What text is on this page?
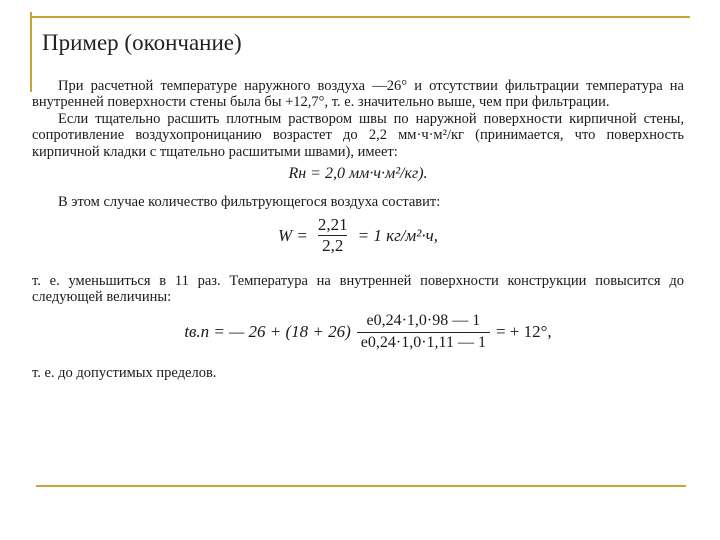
Пример (окончание)

При расчетной температуре наружного воздуха —26° и отсутствии фильтрации температура на внутренней поверхности стены была бы +12,7°, т. е. значительно выше, чем при фильтрации.

Если тщательно расшить плотным раствором швы по наружной поверхности кирпичной стены, сопротивление воздухопроницанию возрастет до 2,2 мм·ч·м²/кг (принимается, что поверхность кирпичной кладки с тщательно расшитыми швами), имеет:

Rн = 2,0 мм·ч·м²/кг).

В этом случае количество фильтрующегося воздуха составит:

$W = \frac{2,21}{2,2} = 1$ кг/м²·ч,

т. е. уменьшиться в 11 раз. Температура на внутренней поверхности конструкции повысится до следующей величины:

tв.п = — $26 + (18 + 26) \frac{e0,24\cdot 1,0\cdot 98 — 1}{e0,24\cdot 1,0\cdot 1,11 — 1}$ = + 12°,

т. е. до допустимых пределов.
